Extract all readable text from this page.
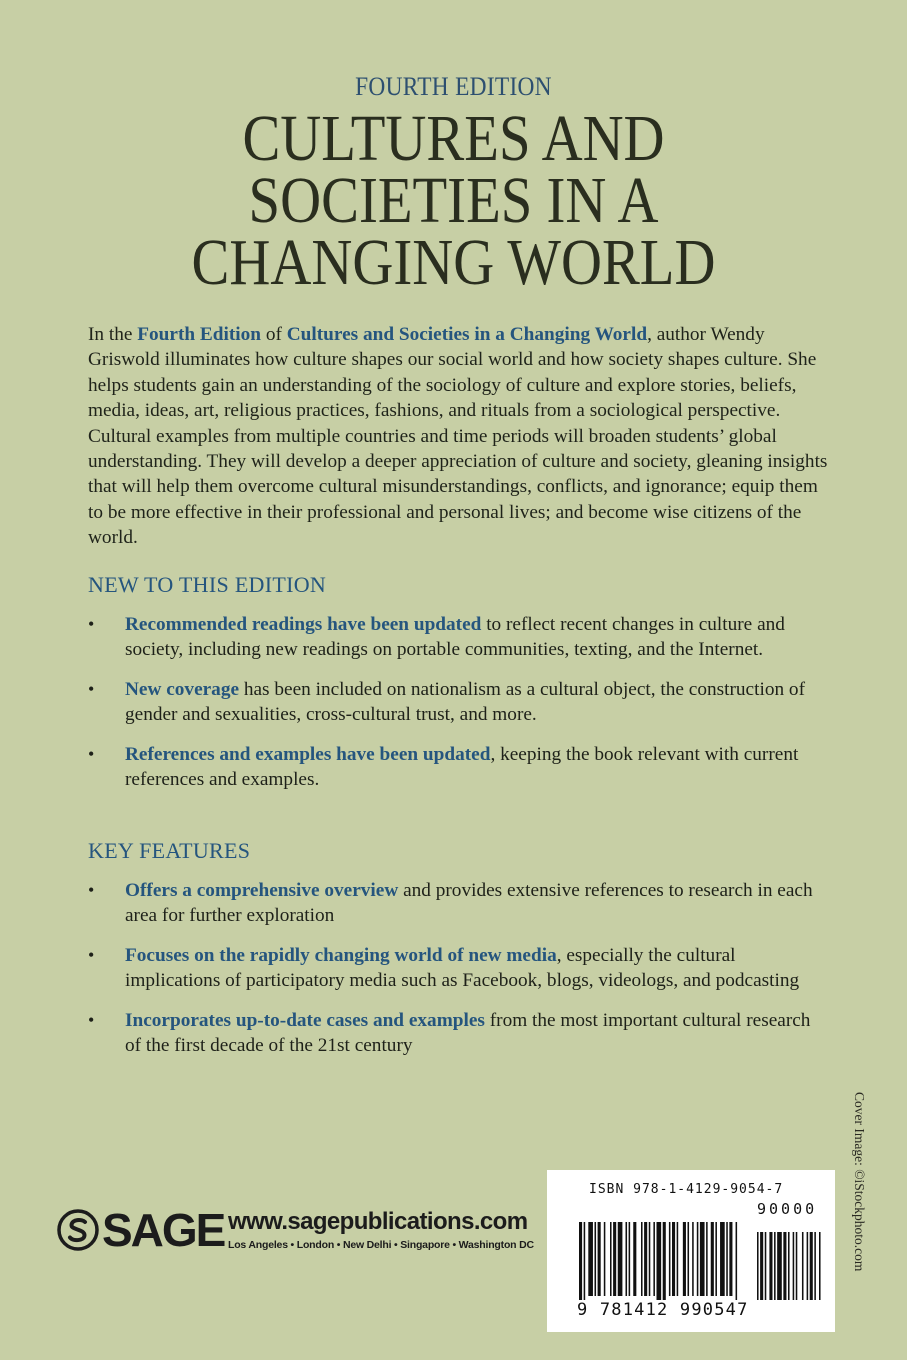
FOURTH EDITION
CULTURES AND
SOCIETIES IN A
CHANGING WORLD
In the Fourth Edition of Cultures and Societies in a Changing World, author Wendy Griswold illuminates how culture shapes our social world and how society shapes culture. She helps students gain an understanding of the sociology of culture and explore stories, beliefs, media, ideas, art, religious practices, fashions, and rituals from a sociological perspective. Cultural examples from multiple countries and time periods will broaden students’ global understanding. They will develop a deeper appreciation of culture and society, gleaning insights that will help them overcome cultural misunderstandings, conflicts, and ignorance; equip them to be more effective in their professional and personal lives; and become wise citizens of the world.
NEW TO THIS EDITION
• Recommended readings have been updated to reflect recent changes in culture and society, including new readings on portable communities, texting, and the Internet.
• New coverage has been included on nationalism as a cultural object, the construction of gender and sexualities, cross-cultural trust, and more.
• References and examples have been updated, keeping the book relevant with current references and examples.
KEY FEATURES
• Offers a comprehensive overview and provides extensive references to research in each area for further exploration
• Focuses on the rapidly changing world of new media, especially the cultural implications of participatory media such as Facebook, blogs, videologs, and podcasting
• Incorporates up-to-date cases and examples from the most important cultural research of the first decade of the 21st century
Cover Image: ©iStockphoto.com
SAGE www.sagepublications.com
Los Angeles • London • New Delhi • Singapore • Washington DC
ISBN 978-1-4129-9054-7
90000
9 781412 990547
